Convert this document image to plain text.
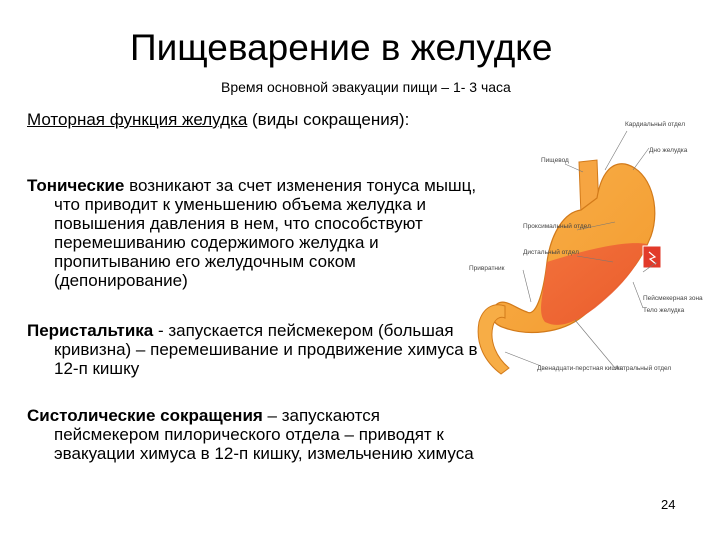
Пищеварение в желудке
Время основной эвакуации пищи – 1- 3 часа
Моторная функция желудка (виды сокращения):
Тонические возникают за счет изменения тонуса мышц, что приводит к уменьшению объема желудка и повышения давления в нем, что способствуют перемешиванию содержимого желудка и пропитыванию его желудочным соком (депонирование)
Перистальтика - запускается пейсмекером (большая кривизна) – перемешивание и продвижение химуса в 12-п кишку
Систолические сокращения – запускаются пейсмекером пилорического отдела – приводят к эвакуации химуса в 12-п кишку, измельчению химуса
Кардиальный отдел
Дно желудка
Пищевод
Проксимальный отдел
Дистальный отдел
Привратник
Пейсмекерная зона
Тело желудка
Двенадцати-перстная кишка
Антральный отдел
24
